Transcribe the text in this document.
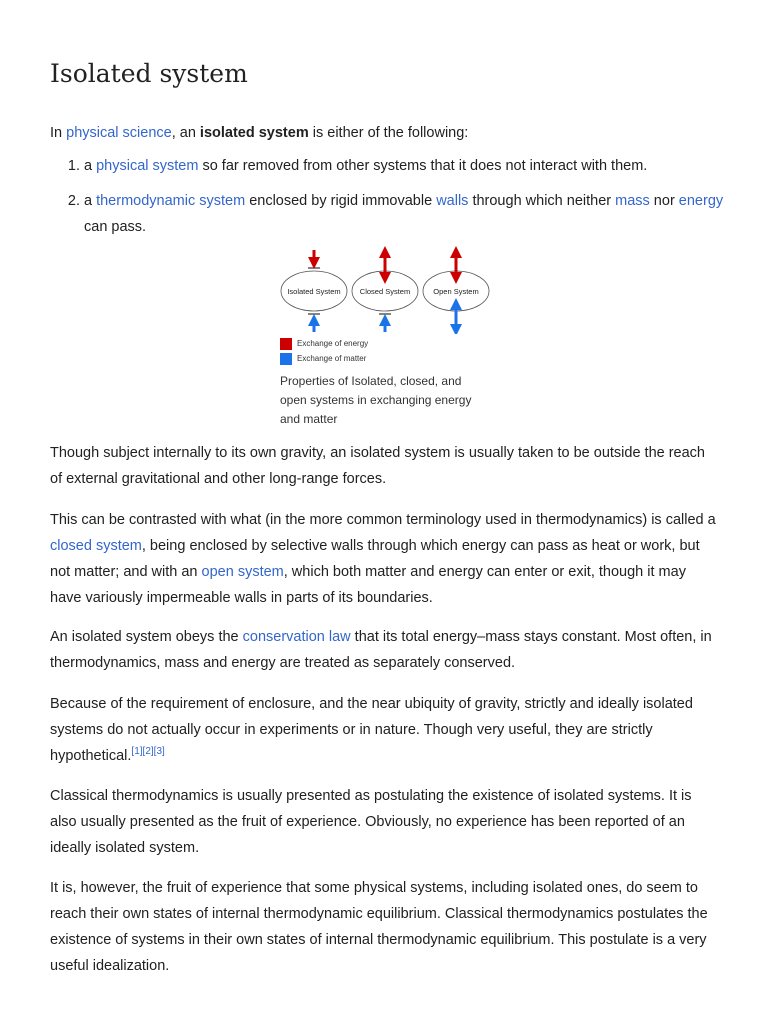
Isolated system

In physical science, an isolated system is either of the following:

1. a physical system so far removed from other systems that it does not interact with them.
2. a thermodynamic system enclosed by rigid immovable walls through which neither mass nor energy can pass.
Isolated System	Closed System	Open System
Exchange of energy
Exchange of matter
Properties of Isolated, closed, and open systems in exchanging energy and matter

Though subject internally to its own gravity, an isolated system is usually taken to be outside the reach of external gravitational and other long-range forces.

This can be contrasted with what (in the more common terminology used in thermodynamics) is called a closed system, being enclosed by selective walls through which energy can pass as heat or work, but not matter; and with an open system, which both matter and energy can enter or exit, though it may have variously impermeable walls in parts of its boundaries.

An isolated system obeys the conservation law that its total energy–mass stays constant. Most often, in thermodynamics, mass and energy are treated as separately conserved.

Because of the requirement of enclosure, and the near ubiquity of gravity, strictly and ideally isolated systems do not actually occur in experiments or in nature. Though very useful, they are strictly hypothetical.[1][2][3]

Classical thermodynamics is usually presented as postulating the existence of isolated systems. It is also usually presented as the fruit of experience. Obviously, no experience has been reported of an ideally isolated system.

It is, however, the fruit of experience that some physical systems, including isolated ones, do seem to reach their own states of internal thermodynamic equilibrium. Classical thermodynamics postulates the existence of systems in their own states of internal thermodynamic equilibrium. This postulate is a very useful idealization.
